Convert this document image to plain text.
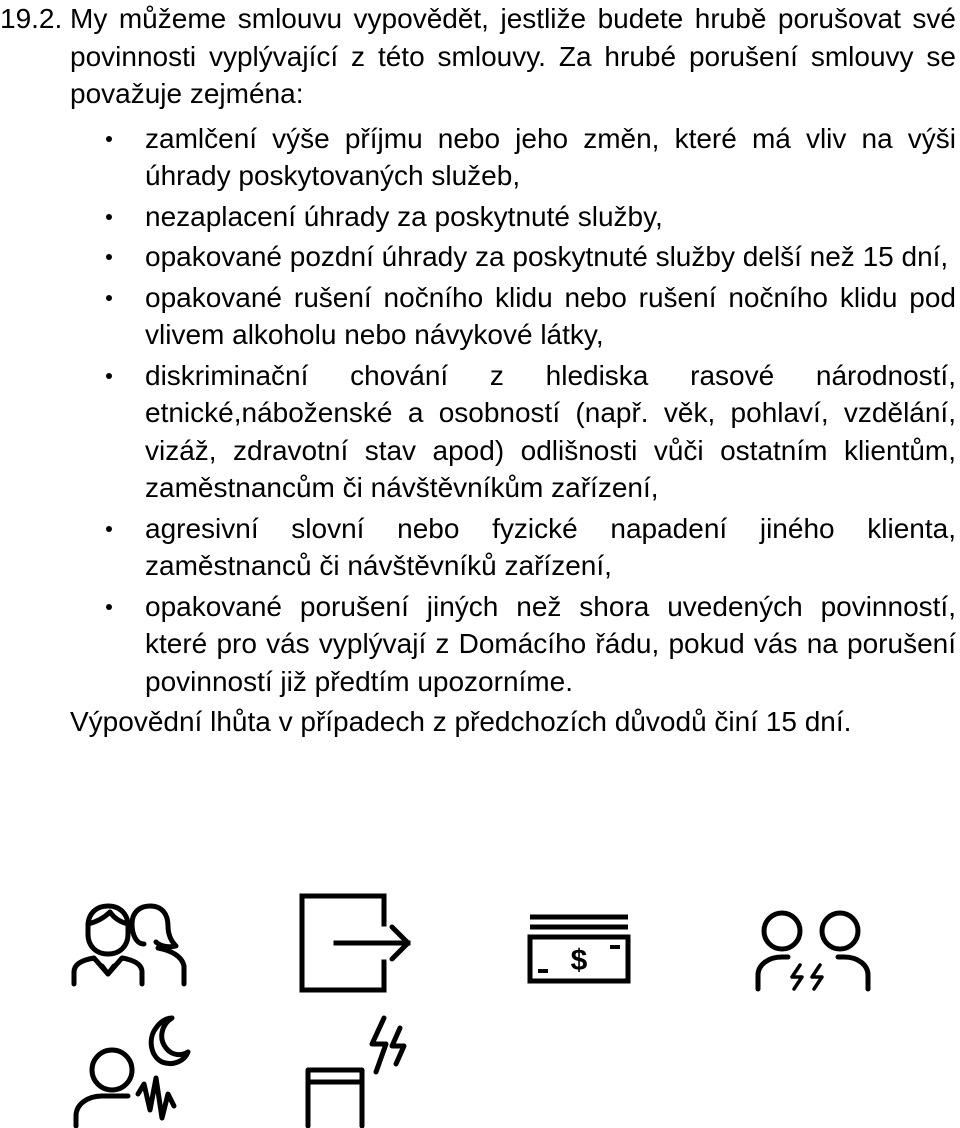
19.2. My můžeme smlouvu vypovědět, jestliže budete hrubě porušovat své povinnosti vyplývající z této smlouvy. Za hrubé porušení smlouvy se považuje zejména:

zamlčení výše příjmu nebo jeho změn, které má vliv na výši úhrady poskytovaných služeb,
nezaplacení úhrady za poskytnuté služby,
opakované pozdní úhrady za poskytnuté služby delší než 15 dní,
opakované rušení nočního klidu nebo rušení nočního klidu pod vlivem alkoholu nebo návykové látky,
diskriminační chování z hlediska rasové národností, etnické,náboženské a osobností (např. věk, pohlaví, vzdělání, vizáž, zdravotní stav apod) odlišnosti vůči ostatním klientům, zaměstnancům či návštěvníkům zařízení,
agresivní slovní nebo fyzické napadení jiného klienta, zaměstnanců či návštěvníků zařízení,
opakované porušení jiných než shora uvedených povinností, které pro vás vyplývají z Domácího řádu, pokud vás na porušení povinností již předtím upozorníme.

Výpovědní lhůta v případech z předchozích důvodů činí 15 dní.

$
